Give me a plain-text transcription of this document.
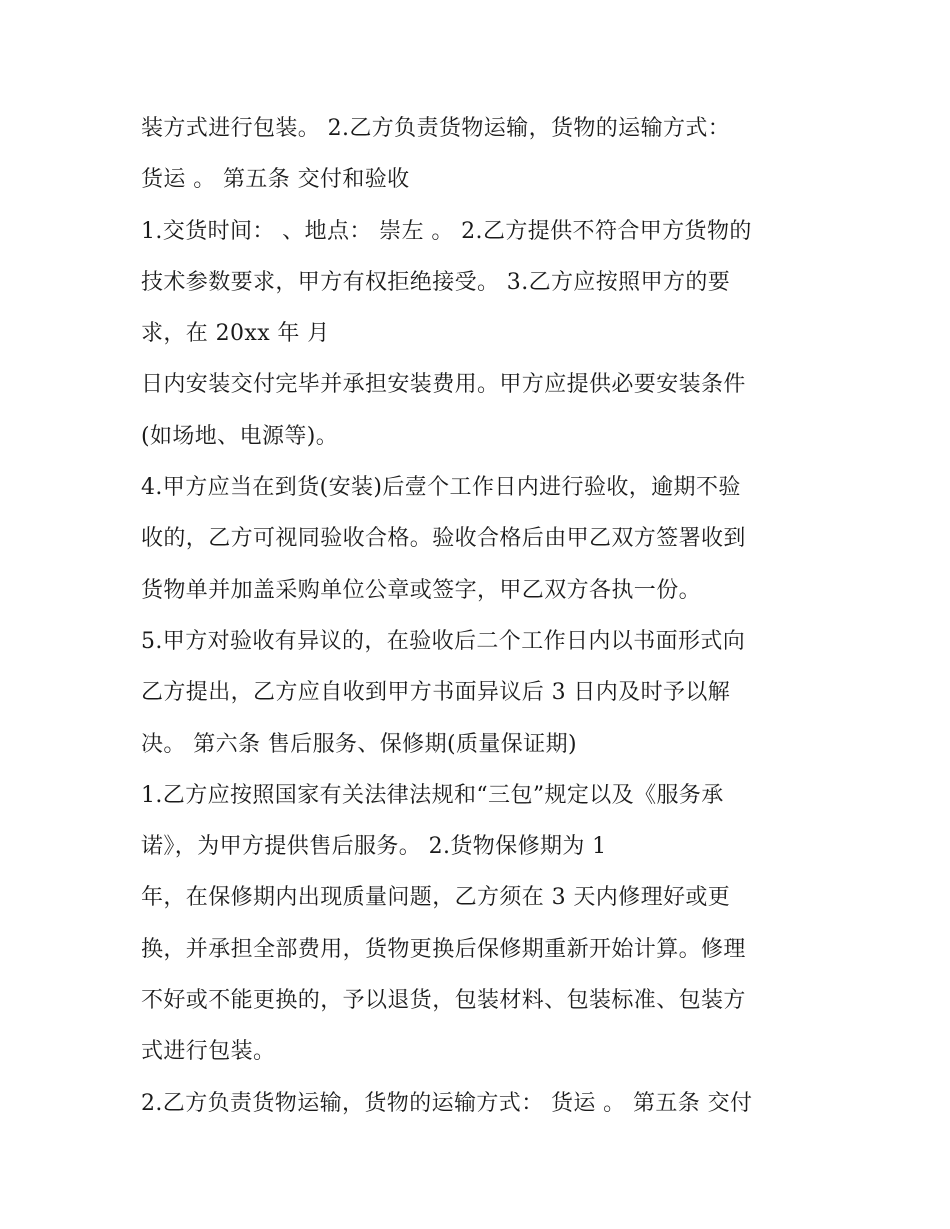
装方式进行包装。 2.乙方负责货物运输，货物的运输方式：
货运 。 第五条 交付和验收
1.交货时间： 、地点： 崇左 。 2.乙方提供不符合甲方货物的
技术参数要求，甲方有权拒绝接受。 3.乙方应按照甲方的要
求，在 20xx 年 月
日内安装交付完毕并承担安装费用。甲方应提供必要安装条件
(如场地、电源等)。
4.甲方应当在到货(安装)后壹个工作日内进行验收，逾期不验
收的，乙方可视同验收合格。验收合格后由甲乙双方签署收到
货物单并加盖采购单位公章或签字，甲乙双方各执一份。
5.甲方对验收有异议的，在验收后二个工作日内以书面形式向
乙方提出，乙方应自收到甲方书面异议后 3 日内及时予以解
决。 第六条 售后服务、保修期(质量保证期)
1.乙方应按照国家有关法律法规和“三包”规定以及《服务承
诺》，为甲方提供售后服务。 2.货物保修期为 1
年，在保修期内出现质量问题，乙方须在 3 天内修理好或更
换，并承担全部费用，货物更换后保修期重新开始计算。修理
不好或不能更换的，予以退货，包装材料、包装标准、包装方
式进行包装。
2.乙方负责货物运输，货物的运输方式： 货运 。 第五条 交付
